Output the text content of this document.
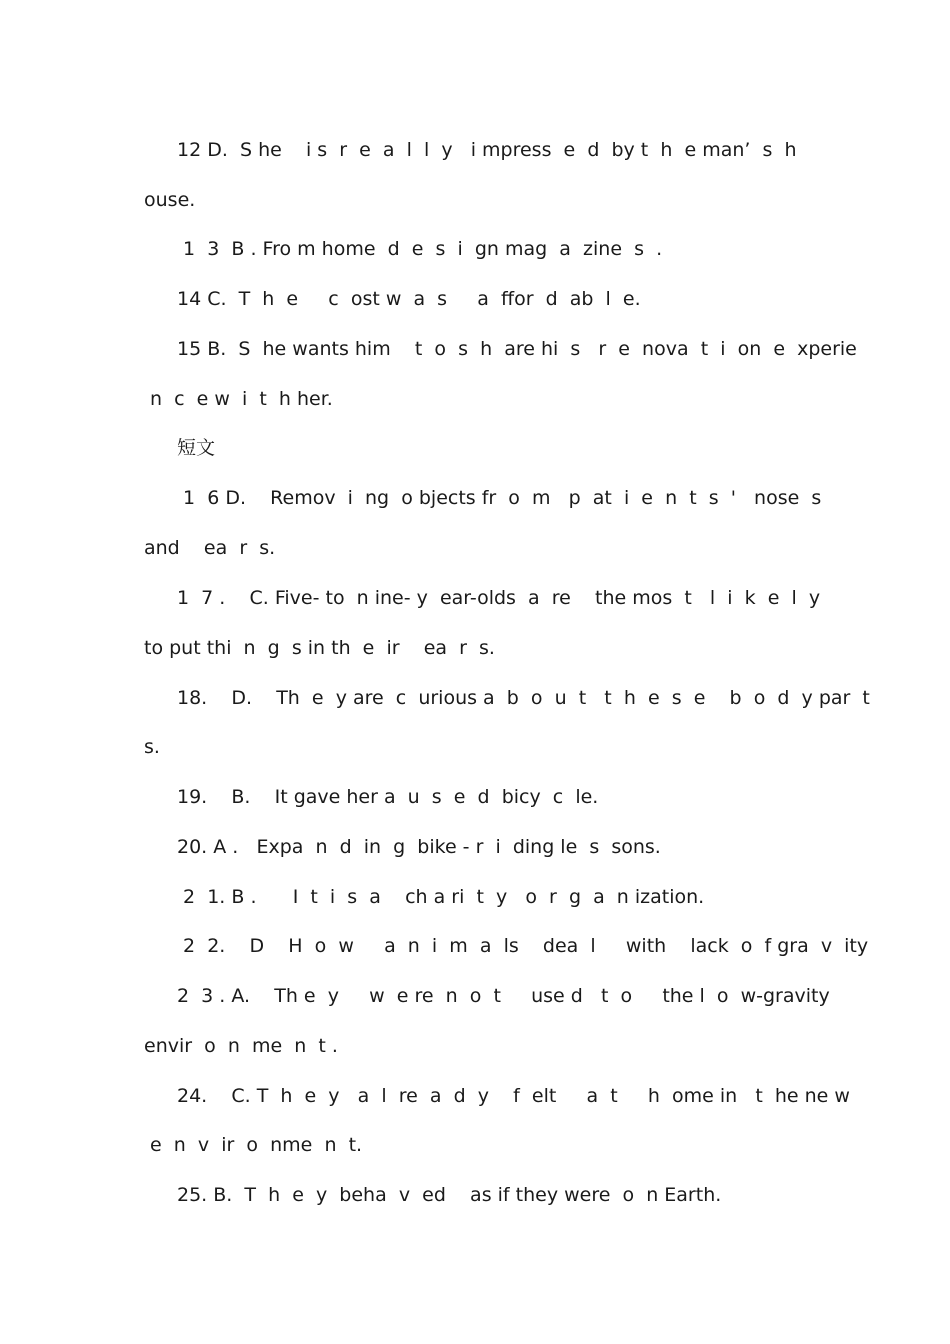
12 D.  S he    i s  r  e  a  l  l  y   i mpress  e  d  by t  h  e man’  s  h

ouse.

1  3  B . Fro m home  d  e  s  i  gn mag  a  zine  s  .

14 C.  T  h  e     c  ost w  a  s     a  ffor  d  ab  l  e.

15 B.  S  he wants him    t  o  s  h  are hi  s   r  e  nova  t  i  on  e  xperie

n  c  e w  i  t  h her.

短文

1  6 D.    Remov  i  ng  o bjects fr  o  m   p  at  i  e  n  t  s  '   nose  s

and    ea  r  s.

1  7 .    C. Five- to  n ine- y  ear-olds  a  re    the mos  t   l  i  k  e  l  y

to put thi  n  g  s in th  e  ir    ea  r  s.

18.    D.    Th  e  y are  c  urious a  b  o  u  t   t  h  e  s  e    b  o  d  y par  t

s.

19.    B.    It gave her a  u  s  e  d  bicy  c  le.

20. A .   Expa  n  d  in  g  bike - r  i  ding le  s  sons.

2  1. B .      I  t  i  s  a    ch a ri  t  y   o  r  g  a  n ization.

2  2.    D    H  o  w     a  n  i  m  a  ls    dea  l     with    lack  o  f gra  v  ity

2  3 . A.    Th e  y     w  e re  n  o  t     use d   t  o     the l  o  w-gravity

envir  o  n  me  n  t .

24.    C. T  h  e  y   a  l  re  a  d  y    f  elt     a  t     h  ome in   t  he ne w

e  n  v  ir  o  nme  n  t.

25. B.  T  h  e  y  beha  v  ed    as if they were  o  n Earth.
